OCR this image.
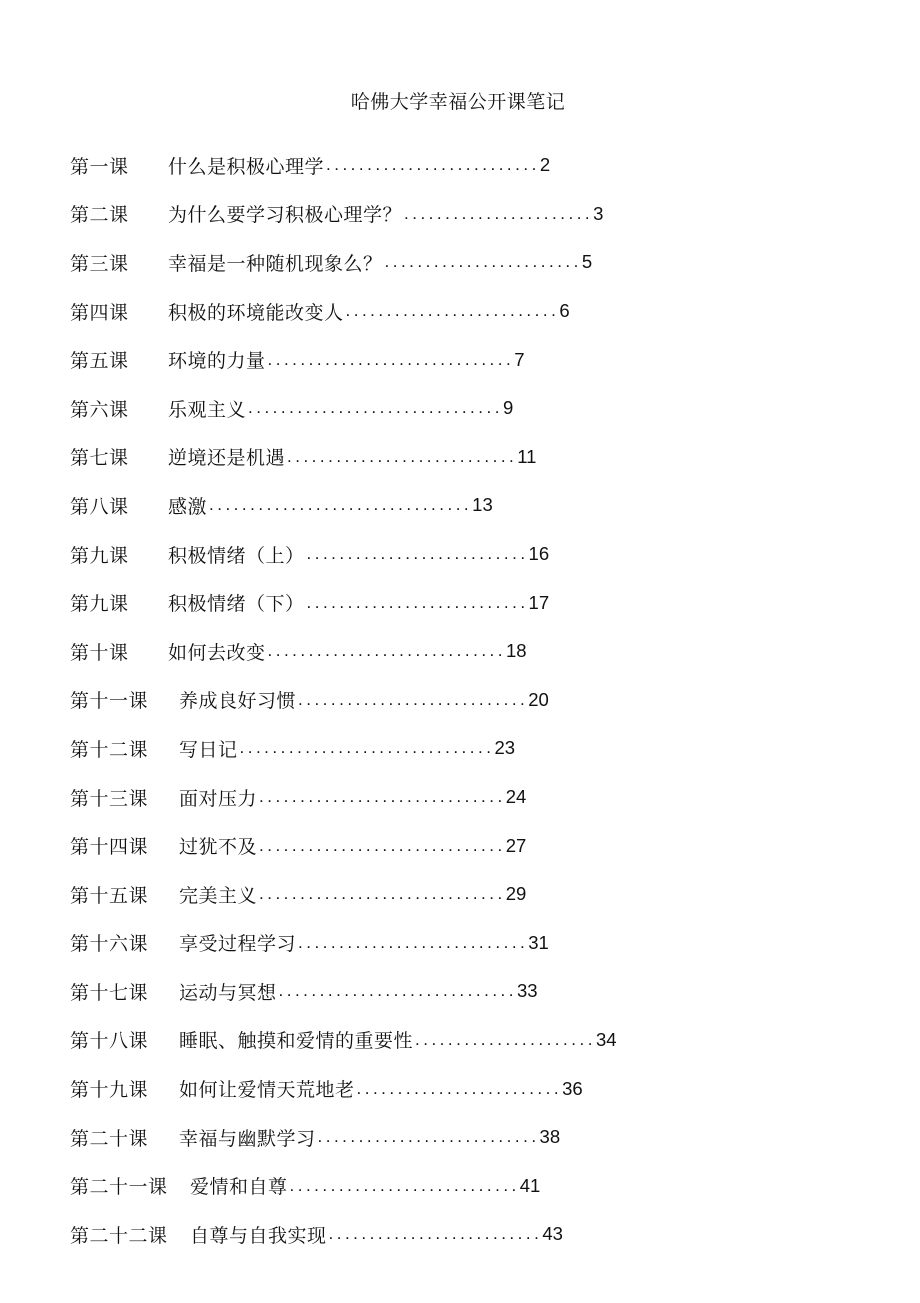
哈佛大学幸福公开课笔记
第一课	什么是积极心理学 .......................... 2
第二课	为什么要学习积极心理学？ ....................... 3
第三课	幸福是一种随机现象么？ ........................ 5
第四课	积极的环境能改变人 .......................... 6
第五课	环境的力量 .............................. 7
第六课	乐观主义 ............................... 9
第七课	逆境还是机遇 ............................ 11
第八课	感激 ................................ 13
第九课	积极情绪（上） ........................... 16
第九课	积极情绪（下） ........................... 17
第十课	如何去改变 ............................. 18
第十一课	养成良好习惯 ............................ 20
第十二课	写日记 ............................... 23
第十三课	面对压力 .............................. 24
第十四课	过犹不及 .............................. 27
第十五课	完美主义 .............................. 29
第十六课	享受过程学习 ............................ 31
第十七课	运动与冥想 ............................. 33
第十八课	睡眠、触摸和爱情的重要性 ...................... 34
第十九课	如何让爱情天荒地老 ......................... 36
第二十课	幸福与幽默学习 ........................... 38
第二十一课	爱情和自尊 ............................ 41
第二十二课	自尊与自我实现 .......................... 43
